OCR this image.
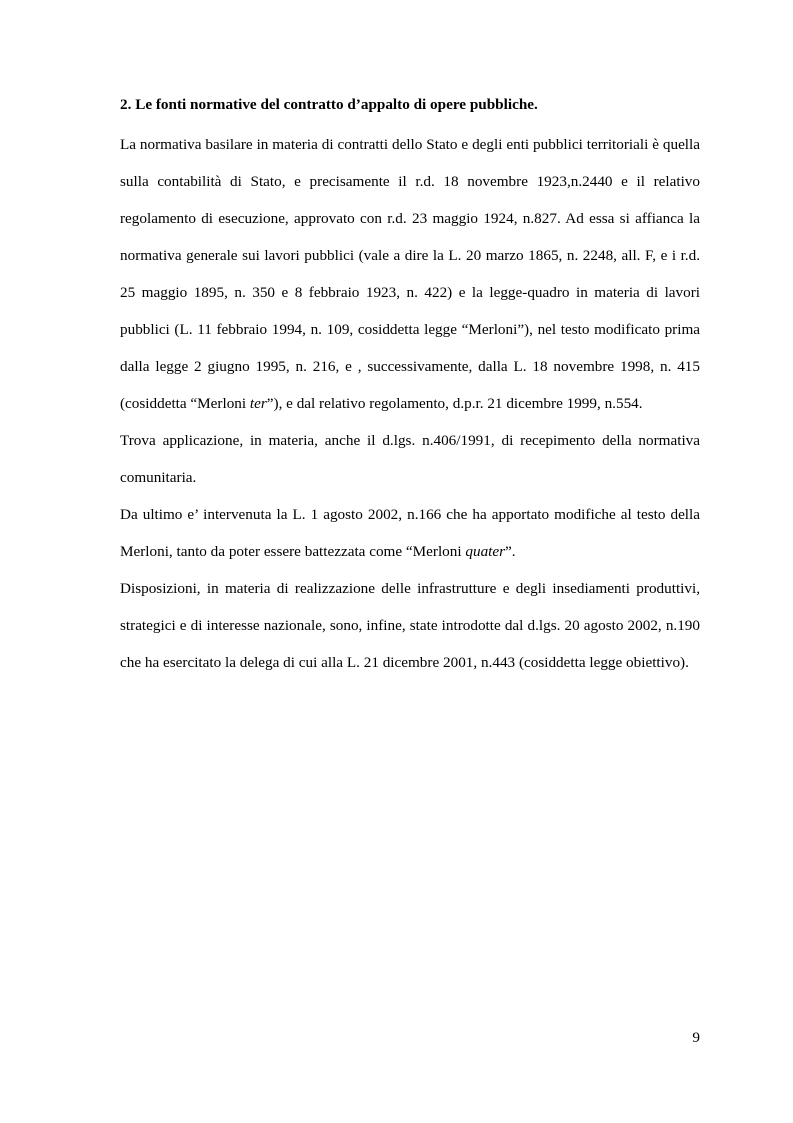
2. Le fonti normative del contratto d’appalto di opere pubbliche.

La normativa basilare in materia di contratti dello Stato e degli enti pubblici territoriali è quella sulla contabilità di Stato, e precisamente il r.d. 18 novembre 1923,n.2440 e il relativo regolamento di esecuzione, approvato con r.d. 23 maggio 1924, n.827. Ad essa si affianca la normativa generale sui lavori pubblici (vale a dire la L. 20 marzo 1865, n. 2248, all. F, e i r.d. 25 maggio 1895, n. 350 e 8 febbraio 1923, n. 422) e la legge-quadro in materia di lavori pubblici (L. 11 febbraio 1994, n. 109, cosiddetta legge “Merloni”), nel testo modificato prima dalla legge 2 giugno 1995, n. 216, e , successivamente, dalla L. 18 novembre 1998, n. 415 (cosiddetta “Merloni ter”), e dal relativo regolamento, d.p.r. 21 dicembre 1999, n.554.

Trova applicazione, in materia, anche il d.lgs. n.406/1991, di recepimento della normativa comunitaria.

Da ultimo e’ intervenuta la L. 1 agosto 2002, n.166 che ha apportato modifiche al testo della Merloni, tanto da poter essere battezzata come “Merloni quater”.

Disposizioni, in materia di realizzazione delle infrastrutture e degli insediamenti produttivi, strategici e di interesse nazionale, sono, infine, state introdotte dal d.lgs. 20 agosto 2002, n.190 che ha esercitato la delega di cui alla L. 21 dicembre 2001, n.443 (cosiddetta legge obiettivo).

9
